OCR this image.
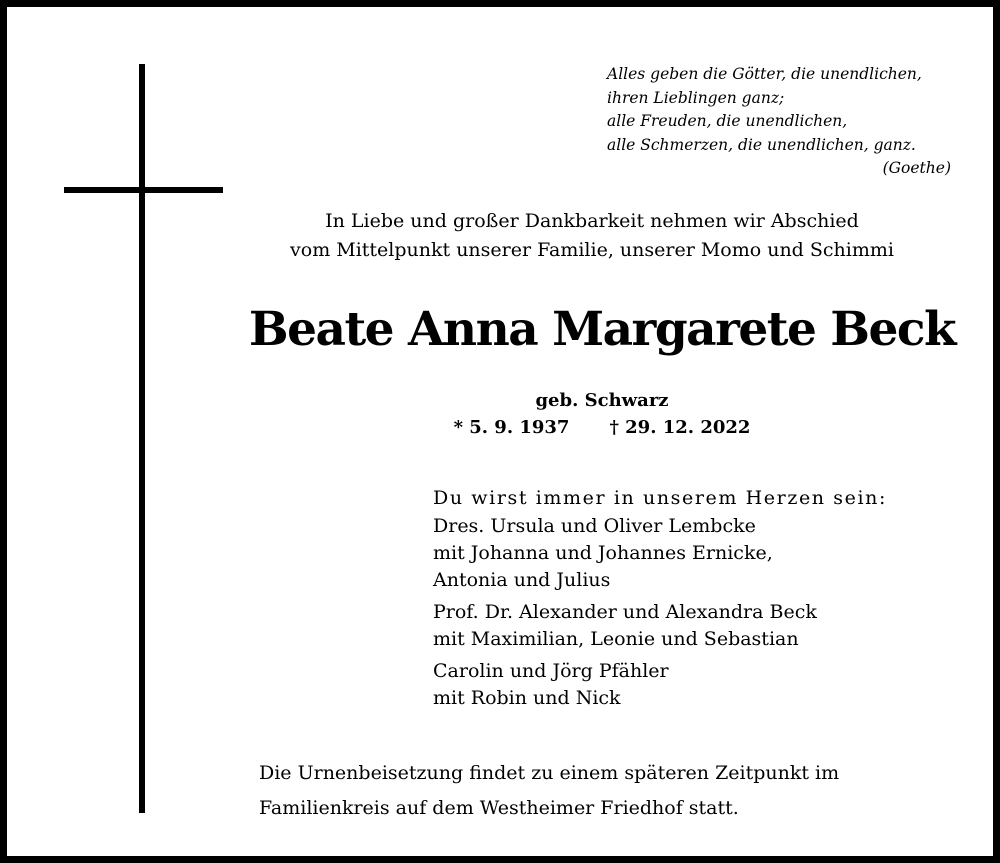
Alles geben die Götter, die unendlichen,
ihren Lieblingen ganz;
alle Freuden, die unendlichen,
alle Schmerzen, die unendlichen, ganz.
(Goethe)
In Liebe und großer Dankbarkeit nehmen wir Abschied
vom Mittelpunkt unserer Familie, unserer Momo und Schimmi
Beate Anna Margarete Beck
geb. Schwarz
* 5. 9. 1937 † 29. 12. 2022
Du wirst immer in unserem Herzen sein:
Dres. Ursula und Oliver Lembcke
mit Johanna und Johannes Ernicke,
Antonia und Julius
Prof. Dr. Alexander und Alexandra Beck
mit Maximilian, Leonie und Sebastian
Carolin und Jörg Pfähler
mit Robin und Nick
Die Urnenbeisetzung findet zu einem späteren Zeitpunkt im
Familienkreis auf dem Westheimer Friedhof statt.
